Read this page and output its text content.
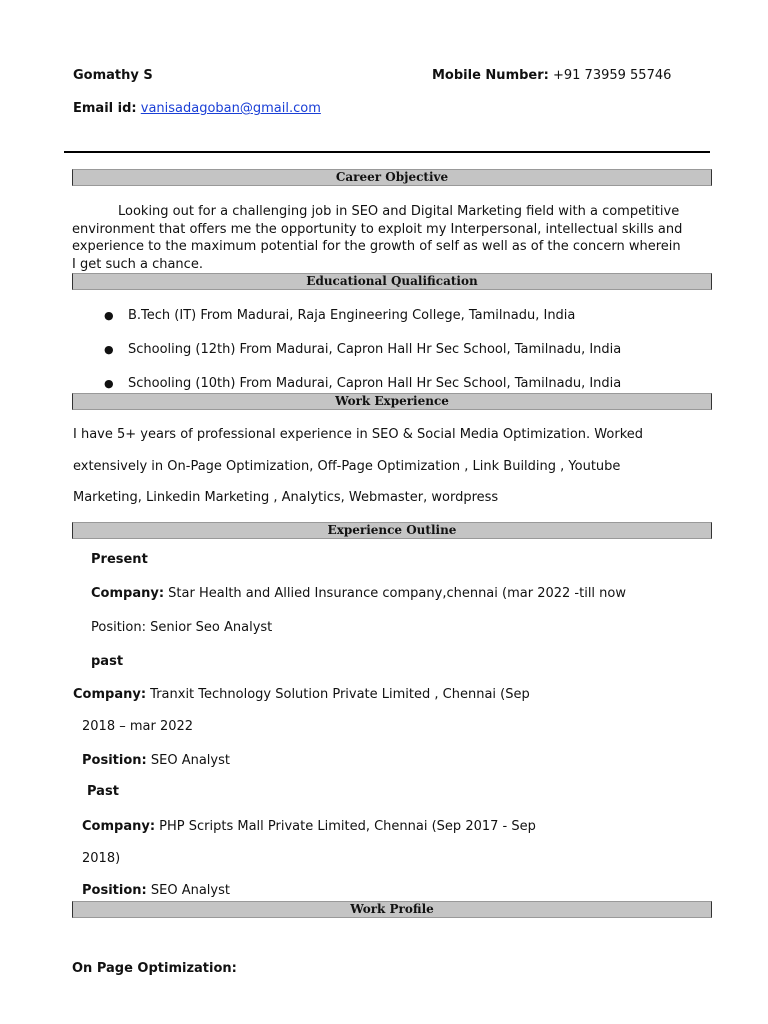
Gomathy S	Mobile Number: +91 73959 55746
Email id: vanisadagoban@gmail.com
Career Objective
Looking out for a challenging job in SEO and Digital Marketing field with a competitive environment that offers me the opportunity to exploit my Interpersonal, intellectual skills and experience to the maximum potential for the growth of self as well as of the concern wherein I get such a chance.
Educational Qualification
● B.Tech (IT) From Madurai, Raja Engineering College, Tamilnadu, India
● Schooling (12th) From Madurai, Capron Hall Hr Sec School, Tamilnadu, India
● Schooling (10th) From Madurai, Capron Hall Hr Sec School, Tamilnadu, India
Work Experience
I have 5+ years of professional experience in SEO & Social Media Optimization. Worked
extensively in On-Page Optimization, Off-Page Optimization , Link Building , Youtube
Marketing, Linkedin Marketing , Analytics, Webmaster, wordpress
Experience Outline
Present
Company: Star Health and Allied Insurance company,chennai (mar 2022 -till now
Position: Senior Seo Analyst
past
Company: Tranxit Technology Solution Private Limited , Chennai (Sep
2018 – mar 2022
Position: SEO Analyst
Past
Company: PHP Scripts Mall Private Limited, Chennai (Sep 2017 - Sep
2018)
Position: SEO Analyst
Work Profile
On Page Optimization:
